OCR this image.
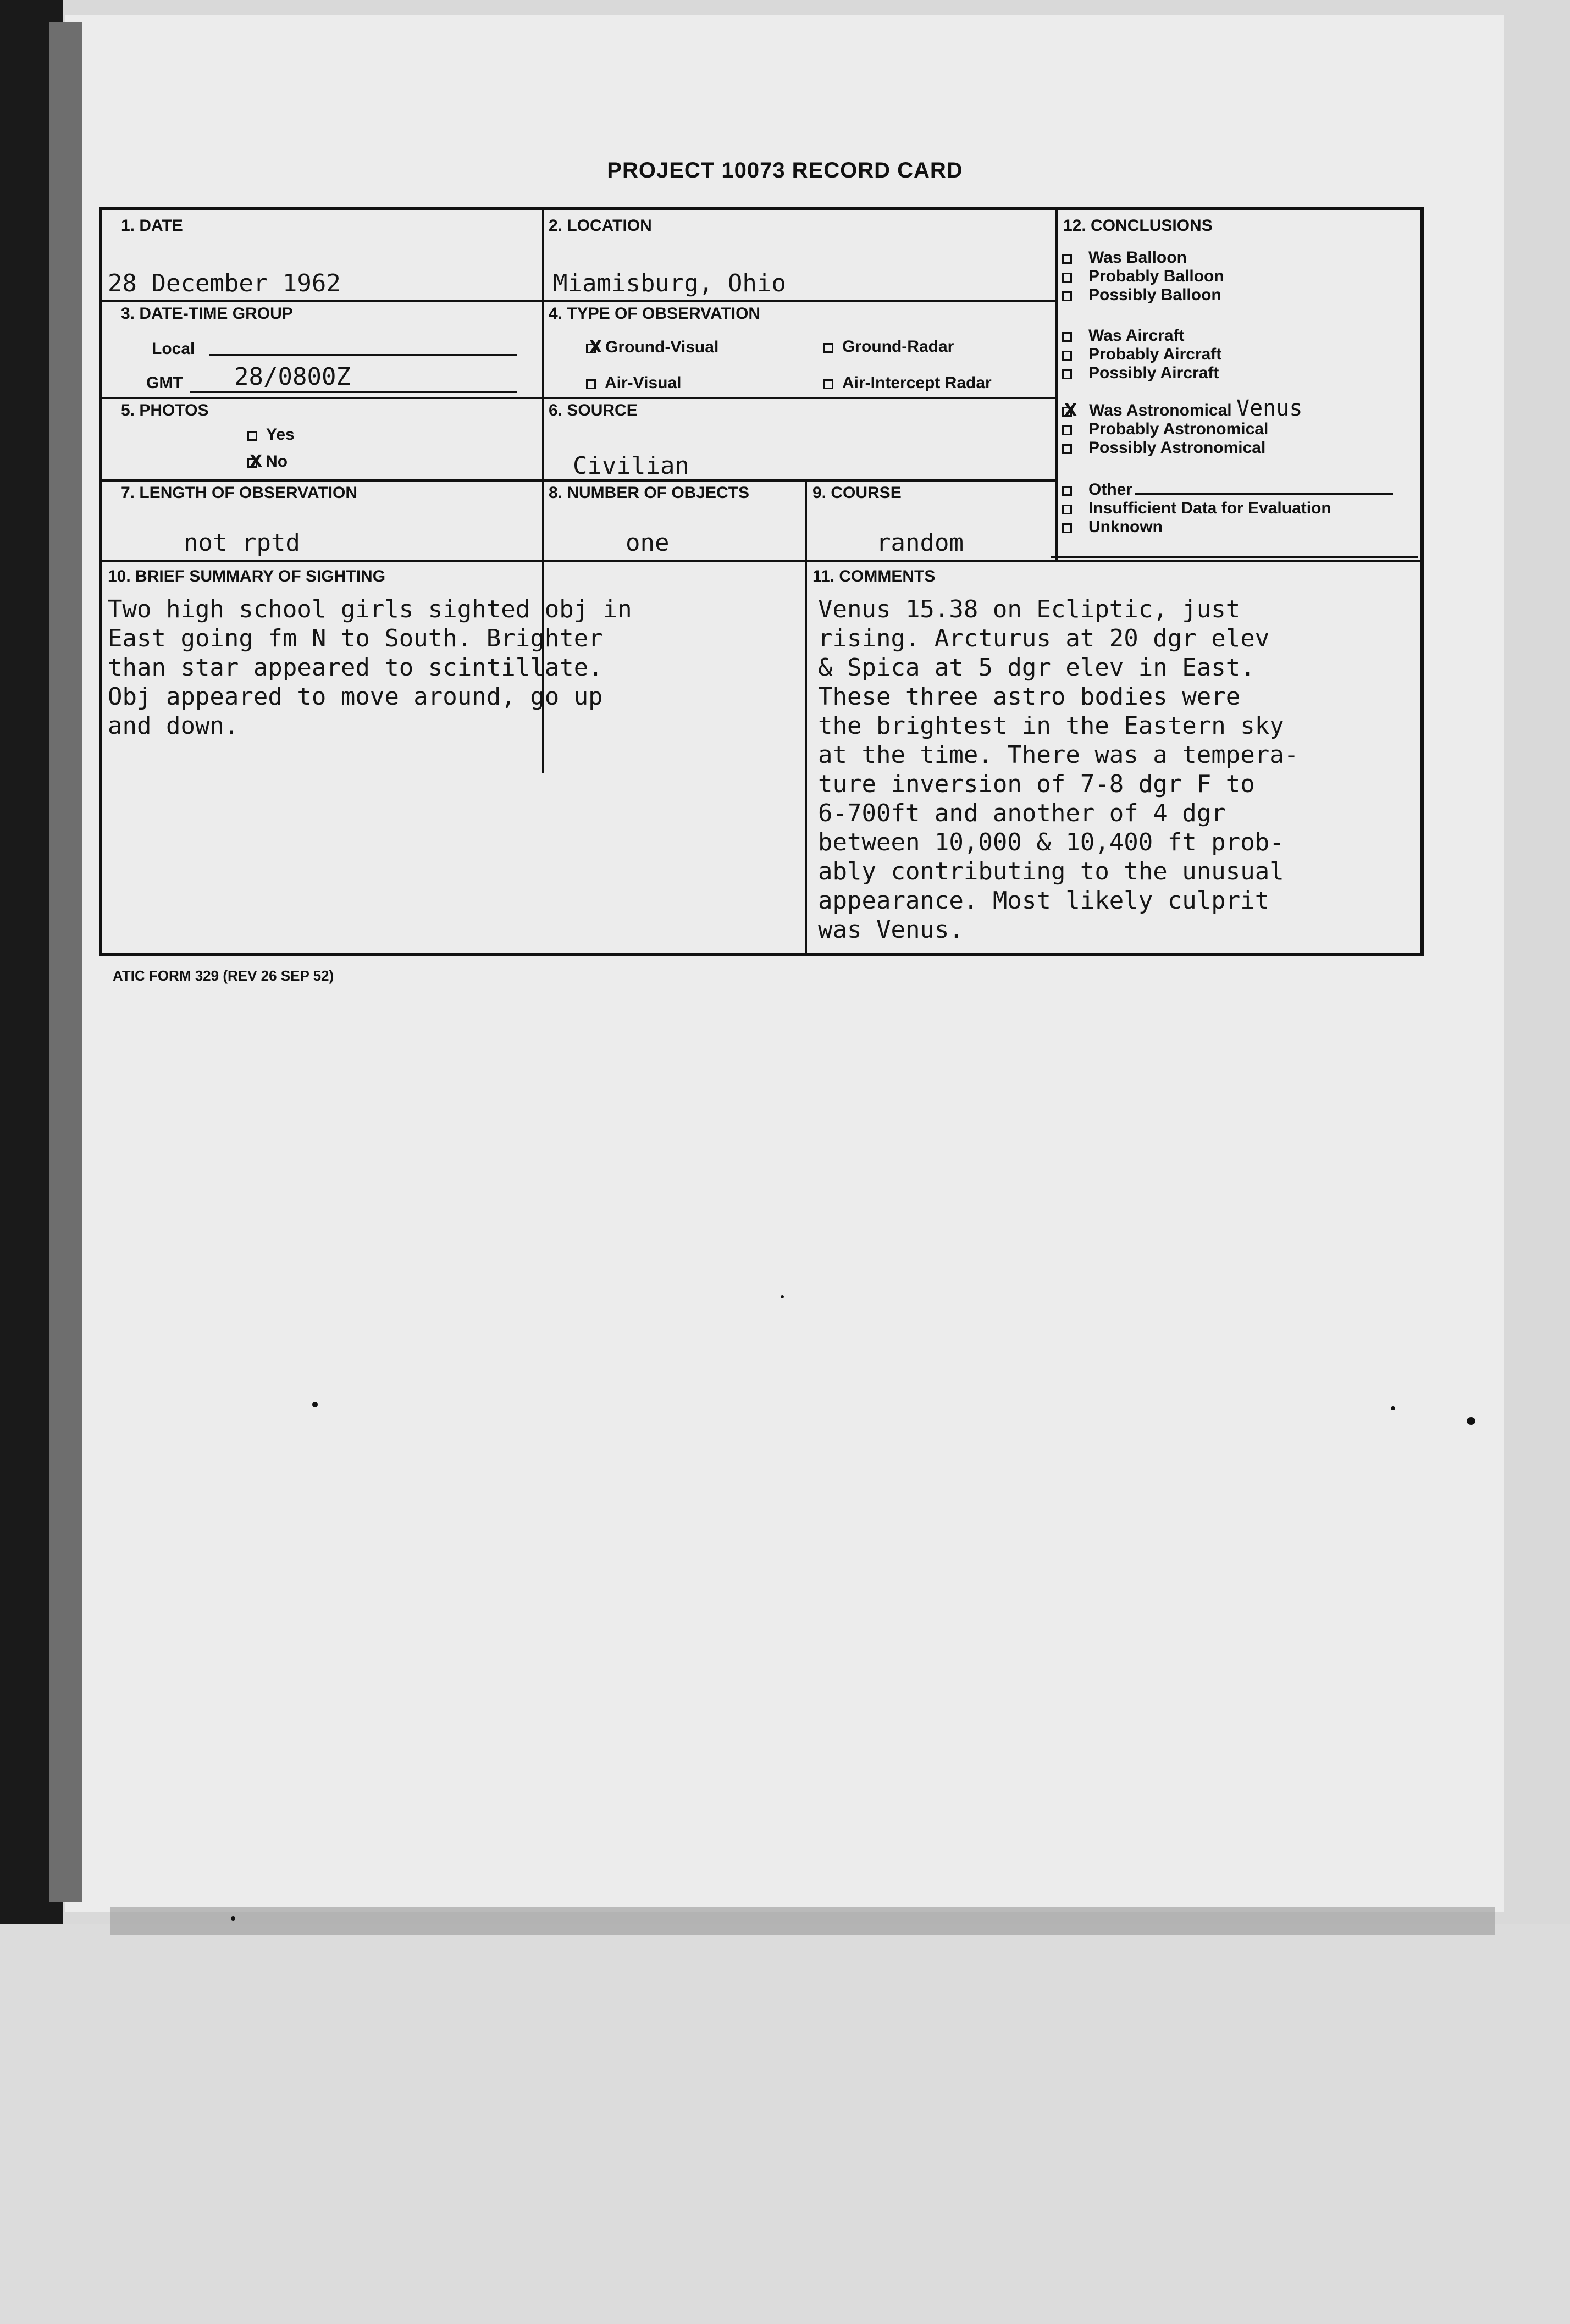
PROJECT 10073 RECORD CARD
1. DATE
28 December 1962
2. LOCATION
Miamisburg, Ohio
3. DATE-TIME GROUP
Local
GMT 28/0800Z
4. TYPE OF OBSERVATION
X Ground-Visual	Ground-Radar
Air-Visual	Air-Intercept Radar
5. PHOTOS
Yes
X No
6. SOURCE
Civilian
7. LENGTH OF OBSERVATION
not rptd
8. NUMBER OF OBJECTS
one
9. COURSE
random
10. BRIEF SUMMARY OF SIGHTING
Two high school girls sighted obj in
East going fm N to South. Brighter
than star appeared to scintillate.
Obj appeared to move around, go up
and down.
11. COMMENTS
Venus 15.38 on Ecliptic, just
rising. Arcturus at 20 dgr elev
& Spica at 5 dgr elev in East.
These three astro bodies were
the brightest in the Eastern sky
at the time. There was a tempera-
ture inversion of 7-8 dgr F to
6-700ft and another of 4 dgr
between 10,000 & 10,400 ft prob-
ably contributing to the unusual
appearance. Most likely culprit
was Venus.
12. CONCLUSIONS
Was Balloon
Probably Balloon
Possibly Balloon
Was Aircraft
Probably Aircraft
Possibly Aircraft
X Was Astronomical Venus
Probably Astronomical
Possibly Astronomical
Other
Insufficient Data for Evaluation
Unknown
ATIC FORM 329 (REV 26 SEP 52)
